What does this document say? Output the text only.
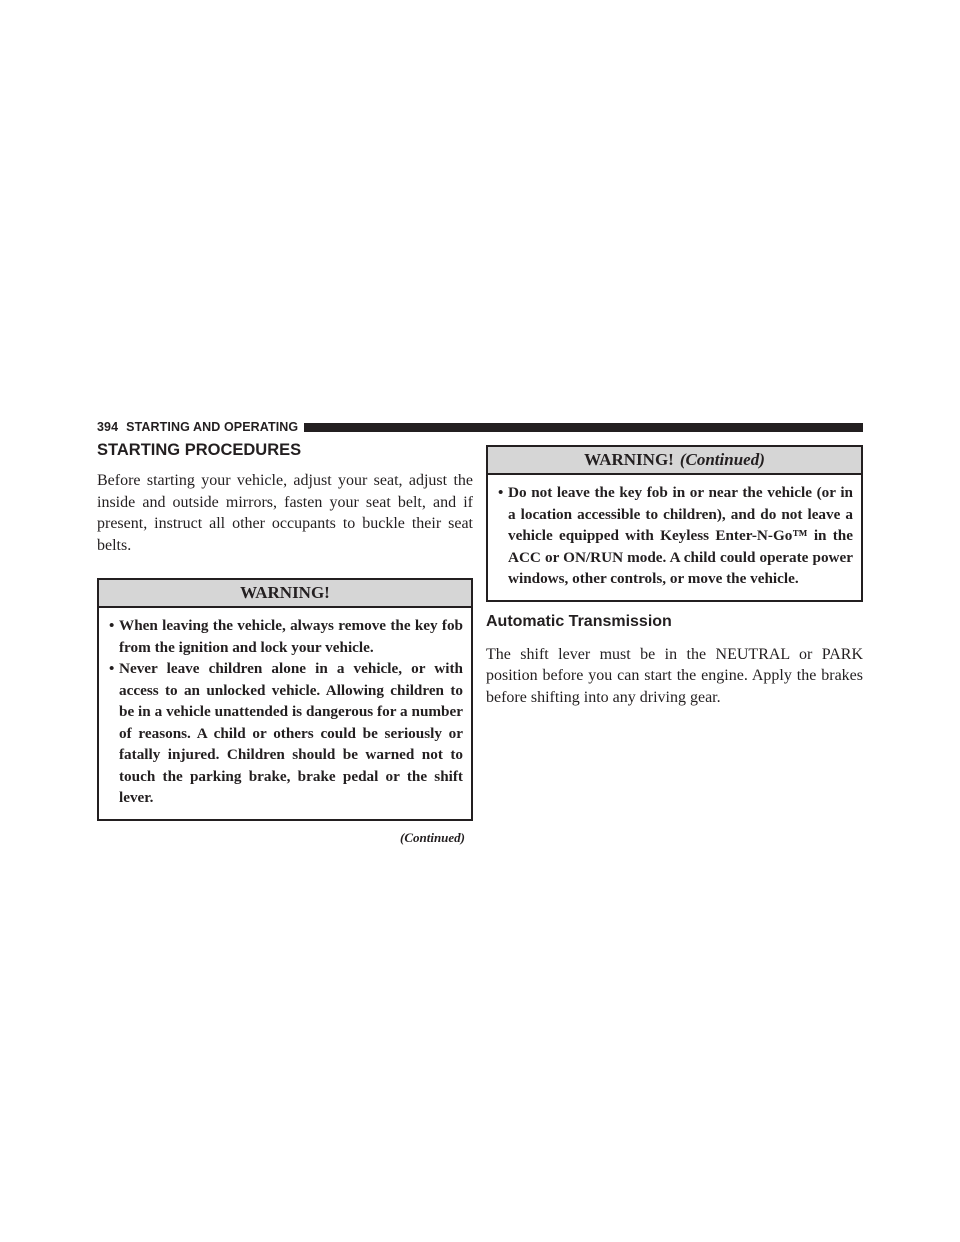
394 STARTING AND OPERATING
STARTING PROCEDURES

Before starting your vehicle, adjust your seat, adjust the inside and outside mirrors, fasten your seat belt, and if present, instruct all other occupants to buckle their seat belts.

WARNING!
• When leaving the vehicle, always remove the key fob from the ignition and lock your vehicle.
• Never leave children alone in a vehicle, or with access to an unlocked vehicle. Allowing children to be in a vehicle unattended is dangerous for a number of reasons. A child or others could be seriously or fatally injured. Children should be warned not to touch the parking brake, brake pedal or the shift lever.
(Continued)
WARNING! (Continued)
• Do not leave the key fob in or near the vehicle (or in a location accessible to children), and do not leave a vehicle equipped with Keyless Enter-N-Go™ in the ACC or ON/RUN mode. A child could operate power windows, other controls, or move the vehicle.
Automatic Transmission

The shift lever must be in the NEUTRAL or PARK position before you can start the engine. Apply the brakes before shifting into any driving gear.
